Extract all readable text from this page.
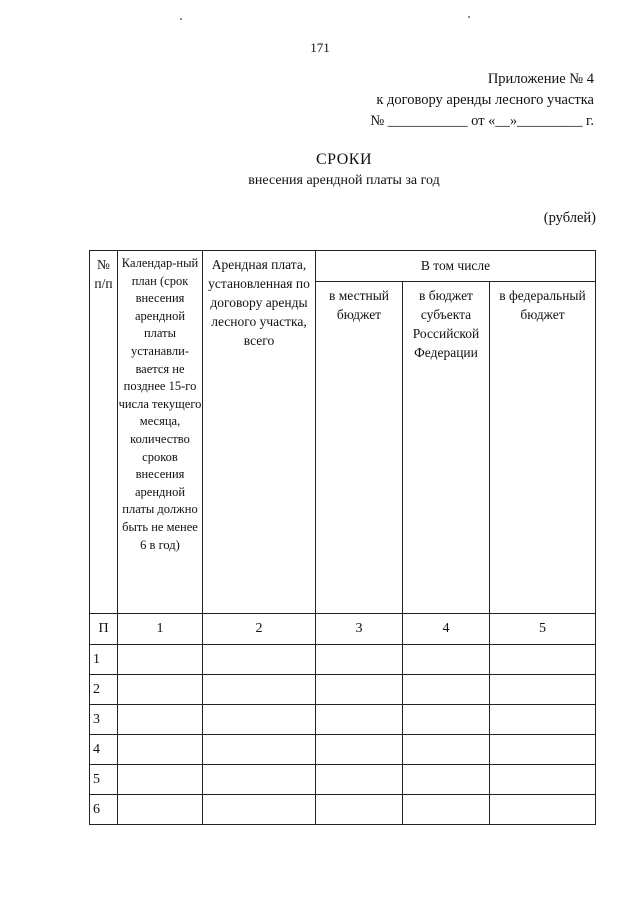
171
Приложение № 4
к договору аренды лесного участка
№ ___________ от «__»_________ г.
СРОКИ
внесения арендной платы за год
(рублей)
№ п/п	Календар-ный план (срок внесения арендной платы устанавли-вается не позднее 15-го числа текущего месяца, количество сроков внесения арендной платы должно быть не менее 6 в год)	Арендная плата, установленная по договору аренды лесного участка, всего	В том числе		
			в местный бюджет	в бюджет субъекта Российской Федерации	в федеральный бюджет
П	1	2	3	4	5
1					
2					
3					
4					
5					
6					
